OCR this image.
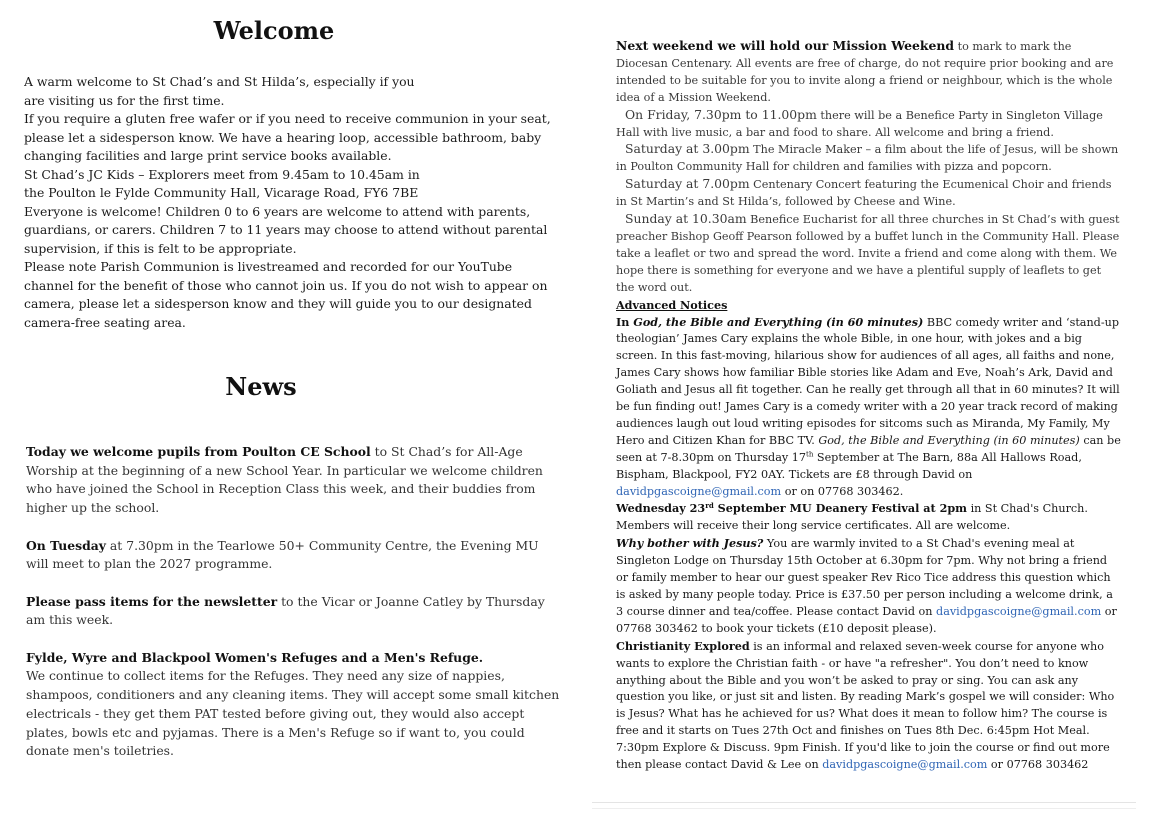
Welcome

A warm welcome to St Chad’s and St Hilda’s, especially if you are visiting us for the first time.

If you require a gluten free wafer or if you need to receive communion in your seat, please let a sidesperson know. We have a hearing loop, accessible bathroom, baby changing facilities and large print service books available.

St Chad’s JC Kids – Explorers meet from 9.45am to 10.45am in the Poulton le Fylde Community Hall, Vicarage Road, FY6 7BE

Everyone is welcome! Children 0 to 6 years are welcome to attend with parents, guardians, or carers. Children 7 to 11 years may choose to attend without parental supervision, if this is felt to be appropriate.

Please note Parish Communion is livestreamed and recorded for our YouTube channel for the benefit of those who cannot join us. If you do not wish to appear on camera, please let a sidesperson know and they will guide you to our designated camera-free seating area.

News

Today we welcome pupils from Poulton CE School to St Chad’s for All-Age Worship at the beginning of a new School Year. In particular we welcome children who have joined the School in Reception Class this week, and their buddies from higher up the school.

On Tuesday at 7.30pm in the Tearlowe 50+ Community Centre, the Evening MU will meet to plan the 2027 programme.

Please pass items for the newsletter to the Vicar or Joanne Catley by Thursday am this week.

Fylde, Wyre and Blackpool Women's Refuges and a Men's Refuge.
We continue to collect items for the Refuges. They need any size of nappies, shampoos, conditioners and any cleaning items. They will accept some small kitchen electricals - they get them PAT tested before giving out, they would also accept plates, bowls etc and pyjamas. There is a Men's Refuge so if want to, you could donate men's toiletries.

Next weekend we will hold our Mission Weekend to mark to mark the Diocesan Centenary. All events are free of charge, do not require prior booking and are intended to be suitable for you to invite along a friend or neighbour, which is the whole idea of a Mission Weekend.

On Friday, 7.30pm to 11.00pm there will be a Benefice Party in Singleton Village Hall with live music, a bar and food to share. All welcome and bring a friend.

Saturday at 3.00pm The Miracle Maker – a film about the life of Jesus, will be shown in Poulton Community Hall for children and families with pizza and popcorn.

Saturday at 7.00pm Centenary Concert featuring the Ecumenical Choir and friends in St Martin’s and St Hilda’s, followed by Cheese and Wine.

Sunday at 10.30am Benefice Eucharist for all three churches in St Chad’s with guest preacher Bishop Geoff Pearson followed by a buffet lunch in the Community Hall. Please take a leaflet or two and spread the word. Invite a friend and come along with them. We hope there is something for everyone and we have a plentiful supply of leaflets to get the word out.

Advanced Notices

In God, the Bible and Everything (in 60 minutes) BBC comedy writer and ‘stand-up theologian’ James Cary explains the whole Bible, in one hour, with jokes and a big screen. In this fast-moving, hilarious show for audiences of all ages, all faiths and none, James Cary shows how familiar Bible stories like Adam and Eve, Noah’s Ark, David and Goliath and Jesus all fit together. Can he really get through all that in 60 minutes? It will be fun finding out! James Cary is a comedy writer with a 20 year track record of making audiences laugh out loud writing episodes for sitcoms such as Miranda, My Family, My Hero and Citizen Khan for BBC TV. God, the Bible and Everything (in 60 minutes) can be seen at 7-8.30pm on Thursday 17th September at The Barn, 88a All Hallows Road, Bispham, Blackpool, FY2 0AY. Tickets are £8 through David on davidpgascoigne@gmail.com or on 07768 303462.

Wednesday 23rd September MU Deanery Festival at 2pm in St Chad's Church. Members will receive their long service certificates. All are welcome.

Why bother with Jesus? You are warmly invited to a St Chad's evening meal at Singleton Lodge on Thursday 15th October at 6.30pm for 7pm. Why not bring a friend or family member to hear our guest speaker Rev Rico Tice address this question which is asked by many people today. Price is £37.50 per person including a welcome drink, a 3 course dinner and tea/coffee. Please contact David on davidpgascoigne@gmail.com or 07768 303462 to book your tickets (£10 deposit please).

Christianity Explored is an informal and relaxed seven-week course for anyone who wants to explore the Christian faith - or have "a refresher". You don’t need to know anything about the Bible and you won’t be asked to pray or sing. You can ask any question you like, or just sit and listen. By reading Mark’s gospel we will consider: Who is Jesus? What has he achieved for us? What does it mean to follow him? The course is free and it starts on Tues 27th Oct and finishes on Tues 8th Dec. 6:45pm Hot Meal. 7:30pm Explore & Discuss. 9pm Finish. If you'd like to join the course or find out more then please contact David & Lee on davidpgascoigne@gmail.com or 07768 303462
